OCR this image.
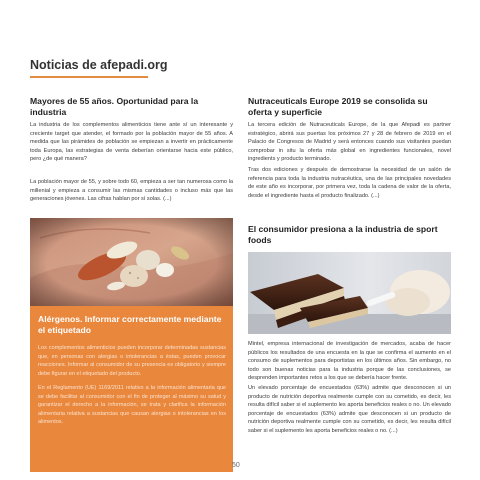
Noticias de afepadi.org
Mayores de 55 años. Oportunidad para la industria
La industria de los complementos alimenticios tiene ante sí un interesante y creciente target que atender, el formado por la población mayor de 55 años. A medida que las pirámides de población se empiezan a invertir en prácticamente toda Europa, las estrategias de venta deberían orientarse hacia este público, pero ¿de qué manera?
La población mayor de 55, y sobre todo 60, empieza a ser tan numerosa como la millenial y empieza a consumir las mismas cantidades o incluso más que las generaciones jóvenes. Las cifras hablan por sí solas. (...)
Alérgenos. Informar correctamente mediante el etiquetado
Los complementos alimenticios pueden incorporar determinadas sustancias que, en personas con alergias o intolerancias a éstas, pueden provocar reacciones. Informar al consumidor de su presencia es obligatorio y siempre debe figurar en el etiquetado del producto.
En el Reglamento (UE) 1169/2011 relativo a la información alimentaria que se debe facilitar al consumidor con el fin de proteger al máximo su salud y garantizar el derecho a la información, se trata y clarifica la información alimentaria relativa a sustancias que causan alergias o intolerancias en los alimentos.
Nutraceuticals Europe 2019 se consolida su oferta y superficie
La tercera edición de Nutraceuticals Europe, de la que Afepadi es partner estratégico, abrirá sus puertas los próximos 27 y 28 de febrero de 2019 en el Palacio de Congresos de Madrid y será entonces cuando sus visitantes puedan comprobar in situ la oferta más global en ingredientes funcionales, novel ingredients y producto terminado.
Tras dos ediciones y después de demostrarse la necesidad de un salón de referencia para toda la industria nutracéutica, una de las principales novedades de este año es incorporar, por primera vez, toda la cadena de valor de la oferta, desde el ingrediente hasta el producto finalizado. (...)
El consumidor presiona a la industria de sport foods
Mintel, empresa internacional de investigación de mercados, acaba de hacer públicos los resultados de una encuesta en la que se confirma el aumento en el consumo de suplementos para deportistas en los últimos años. Sin embargo, no todo son buenas noticias para la industria porque de las conclusiones, se desprenden importantes retos a los que se debería hacer frente.
Un elevado porcentaje de encuestados (63%) admite que desconocen si un producto de nutrición deportiva realmente cumple con su cometido, es decir, les resulta difícil saber si el suplemento les aporta beneficios reales o no. Un elevado porcentaje de encuestados (63%) admite que desconocen si un producto de nutrición deportiva realmente cumple con su cometido, es decir, les resulta difícil saber si el suplemento les aporta beneficios reales o no. (...)
50
